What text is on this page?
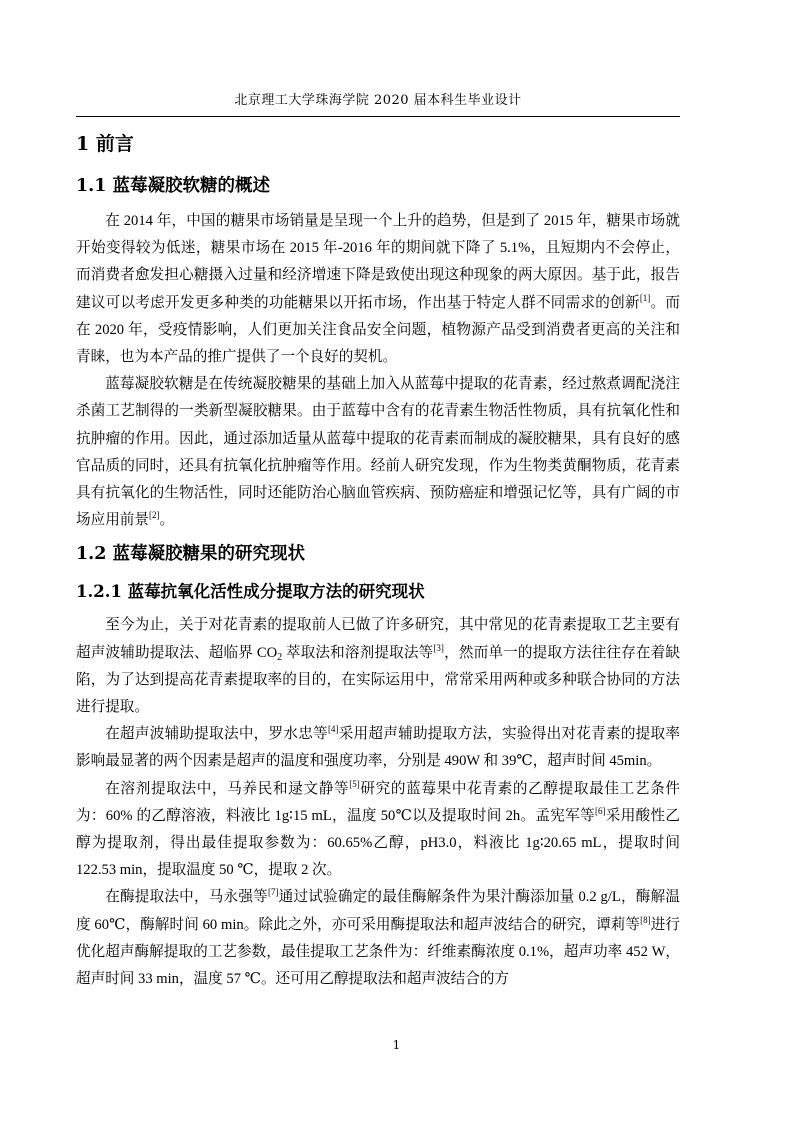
北京理工大学珠海学院 2020 届本科生毕业设计
1 前言
1.1 蓝莓凝胶软糖的概述

在 2014 年，中国的糖果市场销量是呈现一个上升的趋势，但是到了 2015 年，糖果市场就开始变得较为低迷，糖果市场在 2015 年-2016 年的期间就下降了 5.1%，且短期内不会停止，而消费者愈发担心糖摄入过量和经济增速下降是致使出现这种现象的两大原因。基于此，报告建议可以考虑开发更多种类的功能糖果以开拓市场，作出基于特定人群不同需求的创新[1]。而在 2020 年，受疫情影响，人们更加关注食品安全问题，植物源产品受到消费者更高的关注和青睐，也为本产品的推广提供了一个良好的契机。

蓝莓凝胶软糖是在传统凝胶糖果的基础上加入从蓝莓中提取的花青素，经过熬煮调配浇注杀菌工艺制得的一类新型凝胶糖果。由于蓝莓中含有的花青素生物活性物质，具有抗氧化性和抗肿瘤的作用。因此，通过添加适量从蓝莓中提取的花青素而制成的凝胶糖果，具有良好的感官品质的同时，还具有抗氧化抗肿瘤等作用。经前人研究发现，作为生物类黄酮物质，花青素具有抗氧化的生物活性，同时还能防治心脑血管疾病、预防癌症和增强记忆等，具有广阔的市场应用前景[2]。

1.2 蓝莓凝胶糖果的研究现状
1.2.1 蓝莓抗氧化活性成分提取方法的研究现状

至今为止，关于对花青素的提取前人已做了许多研究，其中常见的花青素提取工艺主要有超声波辅助提取法、超临界 $CO_2$ 萃取法和溶剂提取法等[3]，然而单一的提取方法往往存在着缺陷，为了达到提高花青素提取率的目的，在实际运用中，常常采用两种或多种联合协同的方法进行提取。

在超声波辅助提取法中，罗水忠等[4]采用超声辅助提取方法，实验得出对花青素的提取率影响最显著的两个因素是超声的温度和强度功率，分别是 490W 和 39℃，超声时间 45min。

在溶剂提取法中，马养民和逯文静等[5]研究的蓝莓果中花青素的乙醇提取最佳工艺条件为：60% 的乙醇溶液，料液比 1g∶15 mL，温度 50℃以及提取时间 2h。孟宪军等[6]采用酸性乙醇为提取剂，得出最佳提取参数为：60.65%乙醇，pH3.0，料液比 1g∶20.65 mL，提取时间 122.53 min，提取温度 50 ℃，提取 2 次。

在酶提取法中，马永强等[7]通过试验确定的最佳酶解条件为果汁酶添加量 0.2 g/L，酶解温度 60℃，酶解时间 60 min。除此之外，亦可采用酶提取法和超声波结合的研究，谭莉等[8]进行优化超声酶解提取的工艺参数，最佳提取工艺条件为：纤维素酶浓度 0.1%，超声功率 452 W，超声时间 33 min，温度 57 ℃。还可用乙醇提取法和超声波结合的方

1
